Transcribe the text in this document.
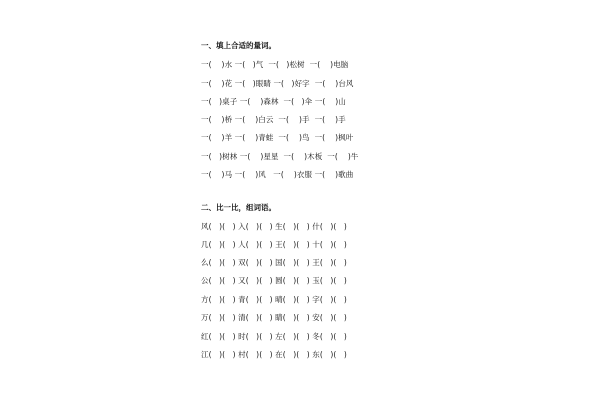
一、填上合适的量词。
一(    )水 一(   )气  一(   )松树  一(    )电脑
一(    )花 一(   )眼睛 一(   )好字  一(    )台风
一(   )桌子 一(    )森林  一(   )伞 一(    )山
一(    )桥 一(    )白云  一(    )手  一(    )手
一(    )羊 一(    )青蛙  一(    )鸟  一(    )枫叶
一(   )树林 一(    )星星  一(    )木板  一(    )牛
一(    )马 一(    )风   一(    )衣服 一(    )歌曲
二、比一比，组词语。
风(   )(   ) 入(   )(   ) 生(   )(   ) 什(   )(   )
几(   )(   ) 人(   )(   ) 王(   )(   ) 十(   )(   )
么(   )(   ) 双(   )(   ) 国(   )(   ) 王(   )(   )
公(   )(   ) 又(   )(   ) 圆(   )(   ) 玉(   )(   )
方(   )(   ) 青(   )(   ) 晴(   )(   ) 字(   )(   )
万(   )(   ) 清(   )(   ) 睛(   )(   ) 安(   )(   )
红(   )(   ) 时(   )(   ) 左(   )(   ) 冬(   )(   )
江(   )(   ) 村(   )(   ) 在(   )(   ) 东(   )(   )
